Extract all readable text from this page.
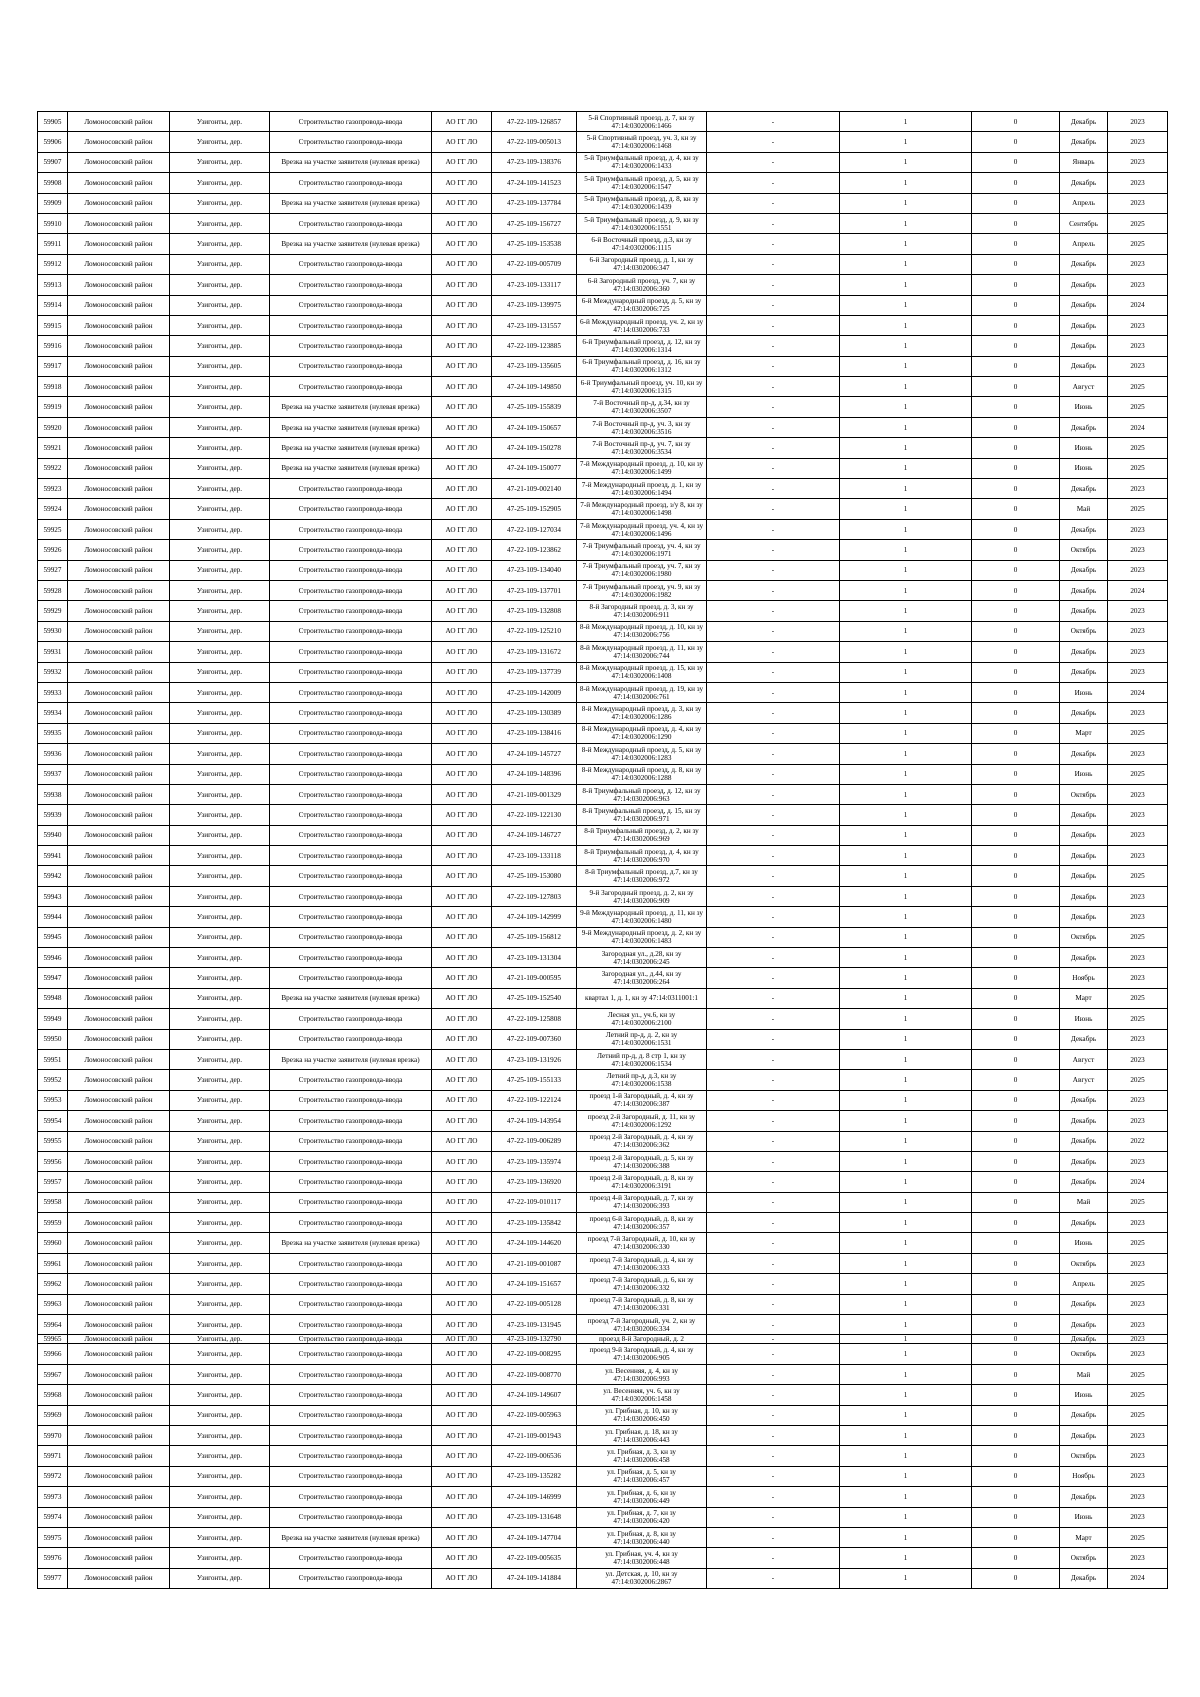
59905	Ломоносовский район	Узигонты, дер.	Строительство газопровода-ввода	АО ГГ ЛО	47-22-109-126857	5-й Спортивный проезд, д. 7, кн зу 47:14:0302006:1466	-	1	0	Декабрь	2023
59906	Ломоносовский район	Узигонты, дер.	Строительство газопровода-ввода	АО ГГ ЛО	47-22-109-005013	5-й Спортивный проезд, уч. 3, кн зу 47:14:0302006:1468	-	1	0	Декабрь	2023
59907	Ломоносовский район	Узигонты, дер.	Врезка на участке заявителя (нулевая врезка)	АО ГГ ЛО	47-23-109-138376	5-й Триумфальный проезд, д. 4, кн зу 47:14:0302006:1433	-	1	0	Январь	2023
59908	Ломоносовский район	Узигонты, дер.	Строительство газопровода-ввода	АО ГГ ЛО	47-24-109-141523	5-й Триумфальный проезд, д. 5, кн зу 47:14:0302006:1547	-	1	0	Декабрь	2023
59909	Ломоносовский район	Узигонты, дер.	Врезка на участке заявителя (нулевая врезка)	АО ГГ ЛО	47-23-109-137784	5-й Триумфальный проезд, д. 8, кн зу 47:14:0302006:1439	-	1	0	Апрель	2023
59910	Ломоносовский район	Узигонты, дер.	Строительство газопровода-ввода	АО ГГ ЛО	47-25-109-156727	5-й Триумфальный проезд, д. 9, кн зу 47:14:0302006:1551	-	1	0	Сентябрь	2025
59911	Ломоносовский район	Узигонты, дер.	Врезка на участке заявителя (нулевая врезка)	АО ГГ ЛО	47-25-109-153538	6-й Восточный проезд, д.3, кн зу 47:14:0302006:1115	-	1	0	Апрель	2025
59912	Ломоносовский район	Узигонты, дер.	Строительство газопровода-ввода	АО ГГ ЛО	47-22-109-005709	6-й Загородный проезд, д. 1, кн зу 47:14:0302006:347	-	1	0	Декабрь	2023
59913	Ломоносовский район	Узигонты, дер.	Строительство газопровода-ввода	АО ГГ ЛО	47-23-109-133117	6-й Загородный проезд, уч. 7, кн зу 47:14:0302006:360	-	1	0	Декабрь	2023
59914	Ломоносовский район	Узигонты, дер.	Строительство газопровода-ввода	АО ГГ ЛО	47-23-109-139975	6-й Международный проезд, д. 5, кн зу 47:14:0302006:725	-	1	0	Декабрь	2024
59915	Ломоносовский район	Узигонты, дер.	Строительство газопровода-ввода	АО ГГ ЛО	47-23-109-131557	6-й Международный проезд, уч. 2, кн зу 47:14:0302006:733	-	1	0	Декабрь	2023
59916	Ломоносовский район	Узигонты, дер.	Строительство газопровода-ввода	АО ГГ ЛО	47-22-109-123885	6-й Триумфальный проезд, д. 12, кн зу 47:14:0302006:1314	-	1	0	Декабрь	2023
59917	Ломоносовский район	Узигонты, дер.	Строительство газопровода-ввода	АО ГГ ЛО	47-23-109-135605	6-й Триумфальный проезд, д. 16, кн зу 47:14:0302006:1312	-	1	0	Декабрь	2023
59918	Ломоносовский район	Узигонты, дер.	Строительство газопровода-ввода	АО ГГ ЛО	47-24-109-149850	6-й Триумфальный проезд, уч. 10, кн зу 47:14:0302006:1315	-	1	0	Август	2025
59919	Ломоносовский район	Узигонты, дер.	Врезка на участке заявителя (нулевая врезка)	АО ГГ ЛО	47-25-109-155839	7-й Восточный пр-д, д.34, кн зу 47:14:0302006:3507	-	1	0	Июнь	2025
59920	Ломоносовский район	Узигонты, дер.	Врезка на участке заявителя (нулевая врезка)	АО ГГ ЛО	47-24-109-150657	7-й Восточный пр-д, уч. 3, кн зу 47:14:0302006:3516	-	1	0	Декабрь	2024
59921	Ломоносовский район	Узигонты, дер.	Врезка на участке заявителя (нулевая врезка)	АО ГГ ЛО	47-24-109-150278	7-й Восточный пр-д, уч. 7, кн зу 47:14:0302006:3534	-	1	0	Июнь	2025
59922	Ломоносовский район	Узигонты, дер.	Врезка на участке заявителя (нулевая врезка)	АО ГГ ЛО	47-24-109-150077	7-й Международный проезд, д. 10, кн зу 47:14:0302006:1499	-	1	0	Июнь	2025
59923	Ломоносовский район	Узигонты, дер.	Строительство газопровода-ввода	АО ГГ ЛО	47-21-109-002140	7-й Международный проезд, д. 1, кн зу 47:14:0302006:1494	-	1	0	Декабрь	2023
59924	Ломоносовский район	Узигонты, дер.	Строительство газопровода-ввода	АО ГГ ЛО	47-25-109-152905	7-й Международный проезд, з/у 8, кн зу 47:14:0302006:1498	-	1	0	Май	2025
59925	Ломоносовский район	Узигонты, дер.	Строительство газопровода-ввода	АО ГГ ЛО	47-22-109-127034	7-й Международный проезд, уч. 4, кн зу 47:14:0302006:1496	-	1	0	Декабрь	2023
59926	Ломоносовский район	Узигонты, дер.	Строительство газопровода-ввода	АО ГГ ЛО	47-22-109-123862	7-й Триумфальный проезд, уч. 4, кн зу 47:14:0302006:1971	-	1	0	Октябрь	2023
59927	Ломоносовский район	Узигонты, дер.	Строительство газопровода-ввода	АО ГГ ЛО	47-23-109-134040	7-й Триумфальный проезд, уч. 7, кн зу 47:14:0302006:1980	-	1	0	Декабрь	2023
59928	Ломоносовский район	Узигонты, дер.	Строительство газопровода-ввода	АО ГГ ЛО	47-23-109-137701	7-й Триумфальный проезд, уч. 9, кн зу 47:14:0302006:1982	-	1	0	Декабрь	2024
59929	Ломоносовский район	Узигонты, дер.	Строительство газопровода-ввода	АО ГГ ЛО	47-23-109-132808	8-й Загородный проезд, д. 3, кн зу 47:14:0302006:911	-	1	0	Декабрь	2023
59930	Ломоносовский район	Узигонты, дер.	Строительство газопровода-ввода	АО ГГ ЛО	47-22-109-125210	8-й Международный проезд, д. 10, кн зу 47:14:0302006:756	-	1	0	Октябрь	2023
59931	Ломоносовский район	Узигонты, дер.	Строительство газопровода-ввода	АО ГГ ЛО	47-23-109-131672	8-й Международный проезд, д. 11, кн зу 47:14:0302006:744	-	1	0	Декабрь	2023
59932	Ломоносовский район	Узигонты, дер.	Строительство газопровода-ввода	АО ГГ ЛО	47-23-109-137739	8-й Международный проезд, д. 15, кн зу 47:14:0302006:1408	-	1	0	Декабрь	2023
59933	Ломоносовский район	Узигонты, дер.	Строительство газопровода-ввода	АО ГГ ЛО	47-23-109-142009	8-й Международный проезд, д. 19, кн зу 47:14:0302006:761	-	1	0	Июнь	2024
59934	Ломоносовский район	Узигонты, дер.	Строительство газопровода-ввода	АО ГГ ЛО	47-23-109-130389	8-й Международный проезд, д. 3, кн зу 47:14:0302006:1286	-	1	0	Декабрь	2023
59935	Ломоносовский район	Узигонты, дер.	Строительство газопровода-ввода	АО ГГ ЛО	47-23-109-138416	8-й Международный проезд, д. 4, кн зу 47:14:0302006:1290	-	1	0	Март	2025
59936	Ломоносовский район	Узигонты, дер.	Строительство газопровода-ввода	АО ГГ ЛО	47-24-109-145727	8-й Международный проезд, д. 5, кн зу 47:14:0302006:1283	-	1	0	Декабрь	2023
59937	Ломоносовский район	Узигонты, дер.	Строительство газопровода-ввода	АО ГГ ЛО	47-24-109-148396	8-й Международный проезд, д. 8, кн зу 47:14:0302006:1288	-	1	0	Июнь	2025
59938	Ломоносовский район	Узигонты, дер.	Строительство газопровода-ввода	АО ГГ ЛО	47-21-109-001329	8-й Триумфальный проезд, д. 12, кн зу 47:14:0302006:963	-	1	0	Октябрь	2023
59939	Ломоносовский район	Узигонты, дер.	Строительство газопровода-ввода	АО ГГ ЛО	47-22-109-122130	8-й Триумфальный проезд, д. 15, кн зу 47:14:0302006:971	-	1	0	Декабрь	2023
59940	Ломоносовский район	Узигонты, дер.	Строительство газопровода-ввода	АО ГГ ЛО	47-24-109-146727	8-й Триумфальный проезд, д. 2, кн зу 47:14:0302006:969	-	1	0	Декабрь	2023
59941	Ломоносовский район	Узигонты, дер.	Строительство газопровода-ввода	АО ГГ ЛО	47-23-109-133118	8-й Триумфальный проезд, д. 4, кн зу 47:14:0302006:970	-	1	0	Декабрь	2023
59942	Ломоносовский район	Узигонты, дер.	Строительство газопровода-ввода	АО ГГ ЛО	47-25-109-153080	8-й Триумфальный проезд, д.7, кн зу 47:14:0302006:972	-	1	0	Декабрь	2025
59943	Ломоносовский район	Узигонты, дер.	Строительство газопровода-ввода	АО ГГ ЛО	47-22-109-127803	9-й Загородный проезд, д. 2, кн зу 47:14:0302006:909	-	1	0	Декабрь	2023
59944	Ломоносовский район	Узигонты, дер.	Строительство газопровода-ввода	АО ГГ ЛО	47-24-109-142999	9-й Международный проезд, д. 11, кн зу 47:14:0302006:1480	-	1	0	Декабрь	2023
59945	Ломоносовский район	Узигонты, дер.	Строительство газопровода-ввода	АО ГГ ЛО	47-25-109-156812	9-й Международный проезд, д. 2, кн зу 47:14:0302006:1483	-	1	0	Октябрь	2025
59946	Ломоносовский район	Узигонты, дер.	Строительство газопровода-ввода	АО ГГ ЛО	47-23-109-131304	Загородная ул., д.28, кн зу 47:14:0302006:245	-	1	0	Декабрь	2023
59947	Ломоносовский район	Узигонты, дер.	Строительство газопровода-ввода	АО ГГ ЛО	47-21-109-000595	Загородная ул., д.44, кн зу 47:14:0302006:264	-	1	0	Ноябрь	2023
59948	Ломоносовский район	Узигонты, дер.	Врезка на участке заявителя (нулевая врезка)	АО ГГ ЛО	47-25-109-152540	квартал 1, д. 1, кн зу 47:14:0311001:1	-	1	0	Март	2025
59949	Ломоносовский район	Узигонты, дер.	Строительство газопровода-ввода	АО ГГ ЛО	47-22-109-125808	Лесная ул., уч.6, кн зу 47:14:0302006:2100	-	1	0	Июнь	2025
59950	Ломоносовский район	Узигонты, дер.	Строительство газопровода-ввода	АО ГГ ЛО	47-22-109-007360	Летний пр-д, д. 2, кн зу 47:14:0302006:1531	-	1	0	Декабрь	2023
59951	Ломоносовский район	Узигонты, дер.	Врезка на участке заявителя (нулевая врезка)	АО ГГ ЛО	47-23-109-131926	Летний пр-д, д. 8 стр 1, кн зу 47:14:0302006:1534	-	1	0	Август	2023
59952	Ломоносовский район	Узигонты, дер.	Строительство газопровода-ввода	АО ГГ ЛО	47-25-109-155133	Летний пр-д, д.3, кн зу 47:14:0302006:1538	-	1	0	Август	2025
59953	Ломоносовский район	Узигонты, дер.	Строительство газопровода-ввода	АО ГГ ЛО	47-22-109-122124	проезд 1-й Загородный, д. 4, кн зу 47:14:0302006:387	-	1	0	Декабрь	2023
59954	Ломоносовский район	Узигонты, дер.	Строительство газопровода-ввода	АО ГГ ЛО	47-24-109-143954	проезд 2-й Загородный, д. 11, кн зу 47:14:0302006:1292	-	1	0	Декабрь	2023
59955	Ломоносовский район	Узигонты, дер.	Строительство газопровода-ввода	АО ГГ ЛО	47-22-109-006289	проезд 2-й Загородный, д. 4, кн зу 47:14:0302006:362	-	1	0	Декабрь	2022
59956	Ломоносовский район	Узигонты, дер.	Строительство газопровода-ввода	АО ГГ ЛО	47-23-109-135974	проезд 2-й Загородный, д. 5, кн зу 47:14:0302006:388	-	1	0	Декабрь	2023
59957	Ломоносовский район	Узигонты, дер.	Строительство газопровода-ввода	АО ГГ ЛО	47-23-109-136920	проезд 2-й Загородный, д. 8, кн зу 47:14:0302006:3191	-	1	0	Декабрь	2024
59958	Ломоносовский район	Узигонты, дер.	Строительство газопровода-ввода	АО ГГ ЛО	47-22-109-010117	проезд 4-й Загородный, д. 7, кн зу 47:14:0302006:393	-	1	0	Май	2025
59959	Ломоносовский район	Узигонты, дер.	Строительство газопровода-ввода	АО ГГ ЛО	47-23-109-135842	проезд 6-й Загородный, д. 8, кн зу 47:14:0302006:357	-	1	0	Декабрь	2023
59960	Ломоносовский район	Узигонты, дер.	Врезка на участке заявителя (нулевая врезка)	АО ГГ ЛО	47-24-109-144620	проезд 7-й Загородный, д. 10, кн зу 47:14:0302006:330	-	1	0	Июнь	2025
59961	Ломоносовский район	Узигонты, дер.	Строительство газопровода-ввода	АО ГГ ЛО	47-21-109-001087	проезд 7-й Загородный, д. 4, кн зу 47:14:0302006:333	-	1	0	Октябрь	2023
59962	Ломоносовский район	Узигонты, дер.	Строительство газопровода-ввода	АО ГГ ЛО	47-24-109-151657	проезд 7-й Загородный, д. 6, кн зу 47:14:0302006:332	-	1	0	Апрель	2025
59963	Ломоносовский район	Узигонты, дер.	Строительство газопровода-ввода	АО ГГ ЛО	47-22-109-005128	проезд 7-й Загородный, д. 8, кн зу 47:14:0302006:331	-	1	0	Декабрь	2023
59964	Ломоносовский район	Узигонты, дер.	Строительство газопровода-ввода	АО ГГ ЛО	47-23-109-131945	проезд 7-й Загородный, уч. 2, кн зу 47:14:0302006:334	-	1	0	Декабрь	2023
59965	Ломоносовский район	Узигонты, дер.	Строительство газопровода-ввода	АО ГГ ЛО	47-23-109-132790	проезд 8-й Загородный, д. 2	-	1	0	Декабрь	2023
59966	Ломоносовский район	Узигонты, дер.	Строительство газопровода-ввода	АО ГГ ЛО	47-22-109-008295	проезд 9-й Загородный, д. 4, кн зу 47:14:0302006:905	-	1	0	Октябрь	2023
59967	Ломоносовский район	Узигонты, дер.	Строительство газопровода-ввода	АО ГГ ЛО	47-22-109-008770	ул. Весенняя, д. 4, кн зу 47:14:0302006:993	-	1	0	Май	2025
59968	Ломоносовский район	Узигонты, дер.	Строительство газопровода-ввода	АО ГГ ЛО	47-24-109-149607	ул. Весенняя, уч. 6, кн зу 47:14:0302006:1458	-	1	0	Июнь	2025
59969	Ломоносовский район	Узигонты, дер.	Строительство газопровода-ввода	АО ГГ ЛО	47-22-109-005963	ул. Грибная, д. 10, кн зу 47:14:0302006:450	-	1	0	Декабрь	2025
59970	Ломоносовский район	Узигонты, дер.	Строительство газопровода-ввода	АО ГГ ЛО	47-21-109-001943	ул. Грибная, д. 18, кн зу 47:14:0302006:443	-	1	0	Декабрь	2023
59971	Ломоносовский район	Узигонты, дер.	Строительство газопровода-ввода	АО ГГ ЛО	47-22-109-006536	ул. Грибная, д. 3, кн зу 47:14:0302006:458	-	1	0	Октябрь	2023
59972	Ломоносовский район	Узигонты, дер.	Строительство газопровода-ввода	АО ГГ ЛО	47-23-109-135282	ул. Грибная, д. 5, кн зу 47:14:0302006:457	-	1	0	Ноябрь	2023
59973	Ломоносовский район	Узигонты, дер.	Строительство газопровода-ввода	АО ГГ ЛО	47-24-109-146999	ул. Грибная, д. 6, кн зу 47:14:0302006:449	-	1	0	Декабрь	2023
59974	Ломоносовский район	Узигонты, дер.	Строительство газопровода-ввода	АО ГГ ЛО	47-23-109-131648	ул. Грибная, д. 7, кн зу 47:14:0302006:420	-	1	0	Июнь	2023
59975	Ломоносовский район	Узигонты, дер.	Врезка на участке заявителя (нулевая врезка)	АО ГГ ЛО	47-24-109-147704	ул. Грибная, д. 8, кн зу 47:14:0302006:440	-	1	0	Март	2025
59976	Ломоносовский район	Узигонты, дер.	Строительство газопровода-ввода	АО ГГ ЛО	47-22-109-005635	ул. Грибная, уч. 4, кн зу 47:14:0302006:448	-	1	0	Октябрь	2023
59977	Ломоносовский район	Узигонты, дер.	Строительство газопровода-ввода	АО ГГ ЛО	47-24-109-141884	ул. Детская, д. 10, кн зу 47:14:0302006:2867	-	1	0	Декабрь	2024
